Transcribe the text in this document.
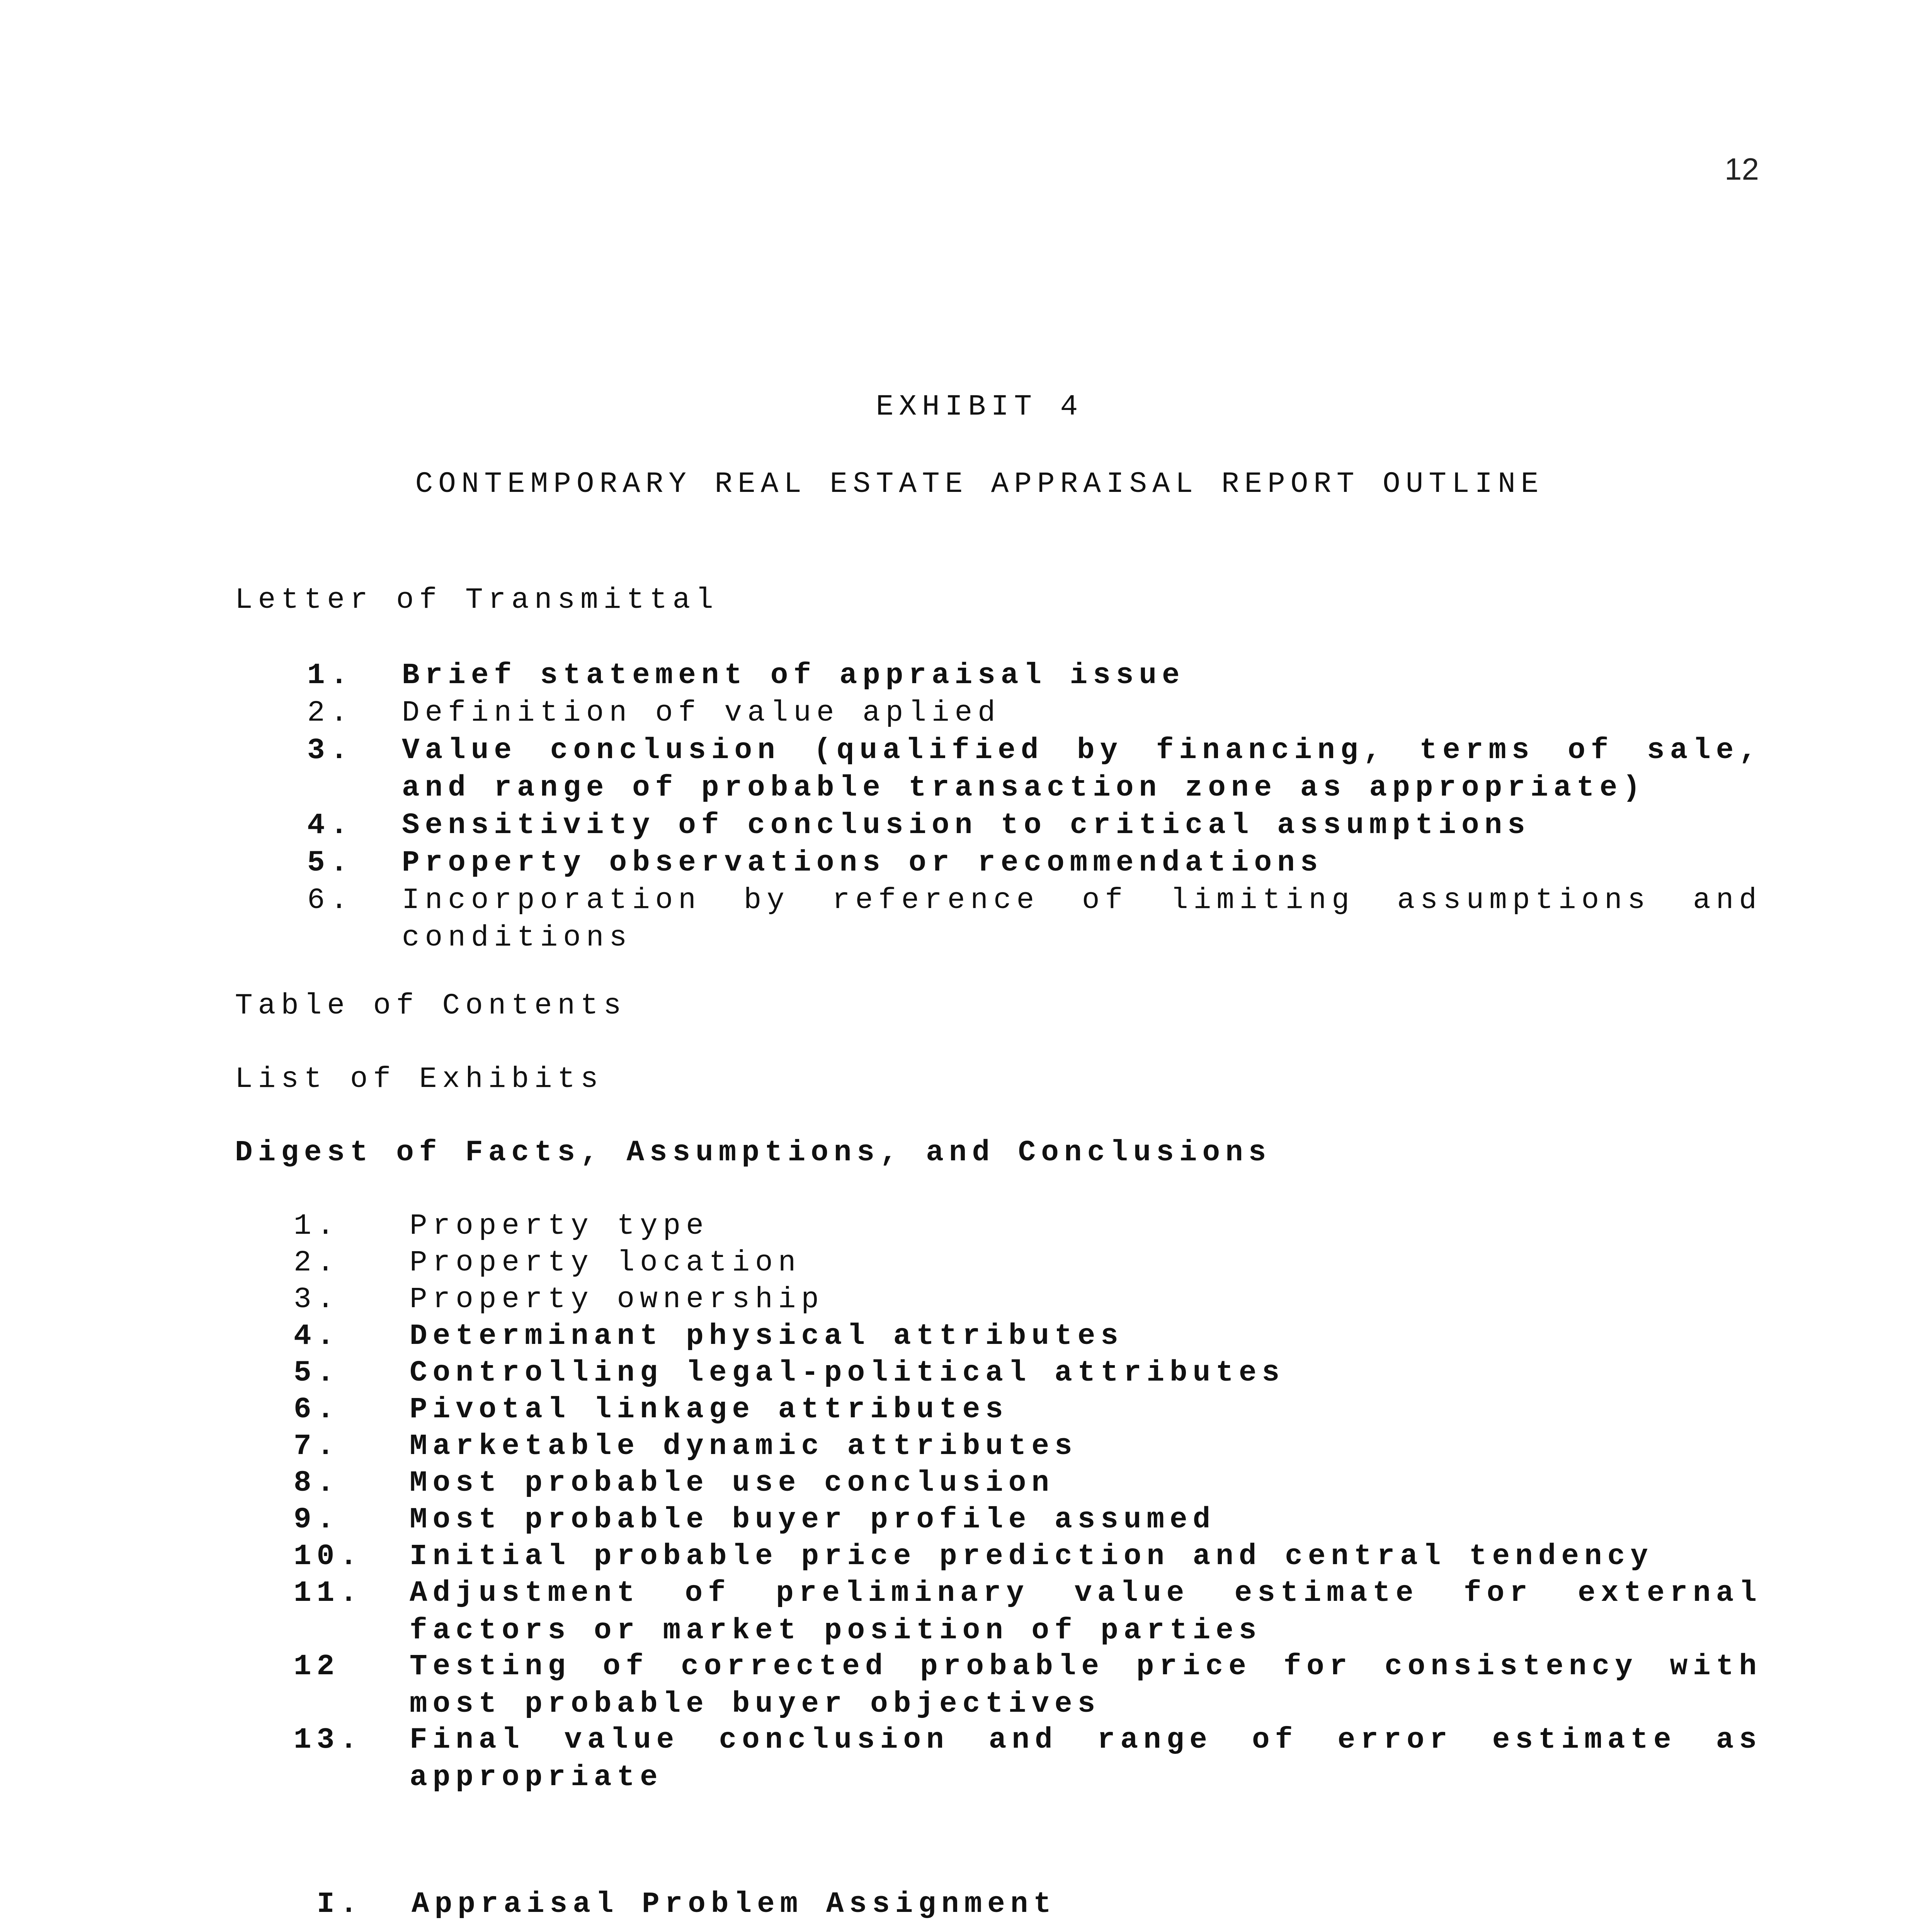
12
EXHIBIT 4
CONTEMPORARY REAL ESTATE APPRAISAL REPORT OUTLINE
Letter of Transmittal
1. Brief statement of appraisal issue
2. Definition of value aplied
3. Value conclusion (qualified by financing, terms of sale, and range of probable transaction zone as appropriate)
4. Sensitivity of conclusion to critical assumptions
5. Property observations or recommendations
6. Incorporation by reference of limiting assumptions and conditions
Table of Contents
List of Exhibits
Digest of Facts, Assumptions, and Conclusions
1. Property type
2. Property location
3. Property ownership
4. Determinant physical attributes
5. Controlling legal-political attributes
6. Pivotal linkage attributes
7. Marketable dynamic attributes
8. Most probable use conclusion
9. Most probable buyer profile assumed
10. Initial probable price prediction and central tendency
11. Adjustment of preliminary value estimate for external factors or market position of parties
12 Testing of corrected probable price for consistency with most probable buyer objectives
13. Final value conclusion and range of error estimate as appropriate
I. Appraisal Problem Assignment
